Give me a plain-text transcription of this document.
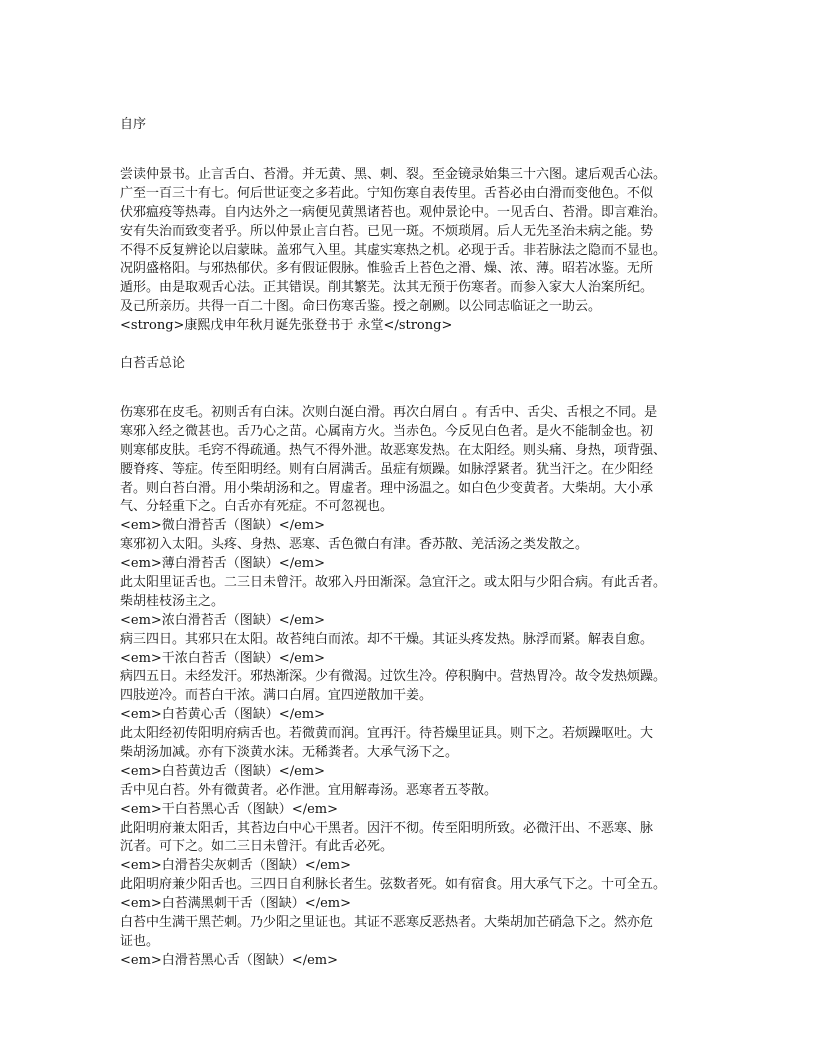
自序
尝读仲景书。止言舌白、苔滑。并无黄、黑、刺、裂。至金镜录始集三十六图。逮后观舌心法。
广至一百三十有七。何后世证变之多若此。宁知伤寒自表传里。舌苔必由白滑而变他色。不似
伏邪瘟疫等热毒。自内达外之一病便见黄黑诸苔也。观仲景论中。一见舌白、苔滑。即言难治。
安有失治而致变者乎。所以仲景止言白苔。已见一斑。不烦琐屑。后人无先圣治未病之能。势
不得不反复辨论以启蒙昧。盖邪气入里。其虚实寒热之机。必现于舌。非若脉法之隐而不显也。
况阴盛格阳。与邪热郁伏。多有假证假脉。惟验舌上苔色之滑、燥、浓、薄。昭若冰鉴。无所
遁形。由是取观舌心法。正其错误。削其繁芜。汰其无预于伤寒者。而参入家大人治案所纪。
及己所亲历。共得一百二十图。命曰伤寒舌鉴。授之剞劂。以公同志临证之一助云。
<strong>康熙戊申年秋月诞先张登书于 永堂</strong>
白苔舌总论
伤寒邪在皮毛。初则舌有白沫。次则白涎白滑。再次白屑白 。有舌中、舌尖、舌根之不同。是
寒邪入经之微甚也。舌乃心之苗。心属南方火。当赤色。今反见白色者。是火不能制金也。初
则寒郁皮肤。毛窍不得疏通。热气不得外泄。故恶寒发热。在太阳经。则头痛、身热，项背强、
腰脊疼、等症。传至阳明经。则有白屑满舌。虽症有烦躁。如脉浮紧者。犹当汗之。在少阳经
者。则白苔白滑。用小柴胡汤和之。胃虚者。理中汤温之。如白色少变黄者。大柴胡。大小承
气、分轻重下之。白舌亦有死症。不可忽视也。
<em>微白滑苔舌（图缺）</em>
寒邪初入太阳。头疼、身热、恶寒、舌色微白有津。香苏散、羌活汤之类发散之。
<em>薄白滑苔舌（图缺）</em>
此太阳里证舌也。二三日未曾汗。故邪入丹田渐深。急宜汗之。或太阳与少阳合病。有此舌者。
柴胡桂枝汤主之。
<em>浓白滑苔舌（图缺）</em>
病三四日。其邪只在太阳。故苔纯白而浓。却不干燥。其证头疼发热。脉浮而紧。解表自愈。
<em>干浓白苔舌（图缺）</em>
病四五日。未经发汗。邪热渐深。少有微渴。过饮生冷。停积胸中。营热胃冷。故令发热烦躁。
四肢逆冷。而苔白干浓。满口白屑。宜四逆散加干姜。
<em>白苔黄心舌（图缺）</em>
此太阳经初传阳明府病舌也。若微黄而润。宜再汗。待苔燥里证具。则下之。若烦躁呕吐。大
柴胡汤加减。亦有下淡黄水沫。无稀粪者。大承气汤下之。
<em>白苔黄边舌（图缺）</em>
舌中见白苔。外有微黄者。必作泄。宜用解毒汤。恶寒者五苓散。
<em>干白苔黑心舌（图缺）</em>
此阳明府兼太阳舌，其苔边白中心干黑者。因汗不彻。传至阳明所致。必微汗出、不恶寒、脉
沉者。可下之。如二三日未曾汗。有此舌必死。
<em>白滑苔尖灰刺舌（图缺）</em>
此阳明府兼少阳舌也。三四日自利脉长者生。弦数者死。如有宿食。用大承气下之。十可全五。
<em>白苔满黑刺干舌（图缺）</em>
白苔中生满干黑芒刺。乃少阳之里证也。其证不恶寒反恶热者。大柴胡加芒硝急下之。然亦危
证也。
<em>白滑苔黑心舌（图缺）</em>
